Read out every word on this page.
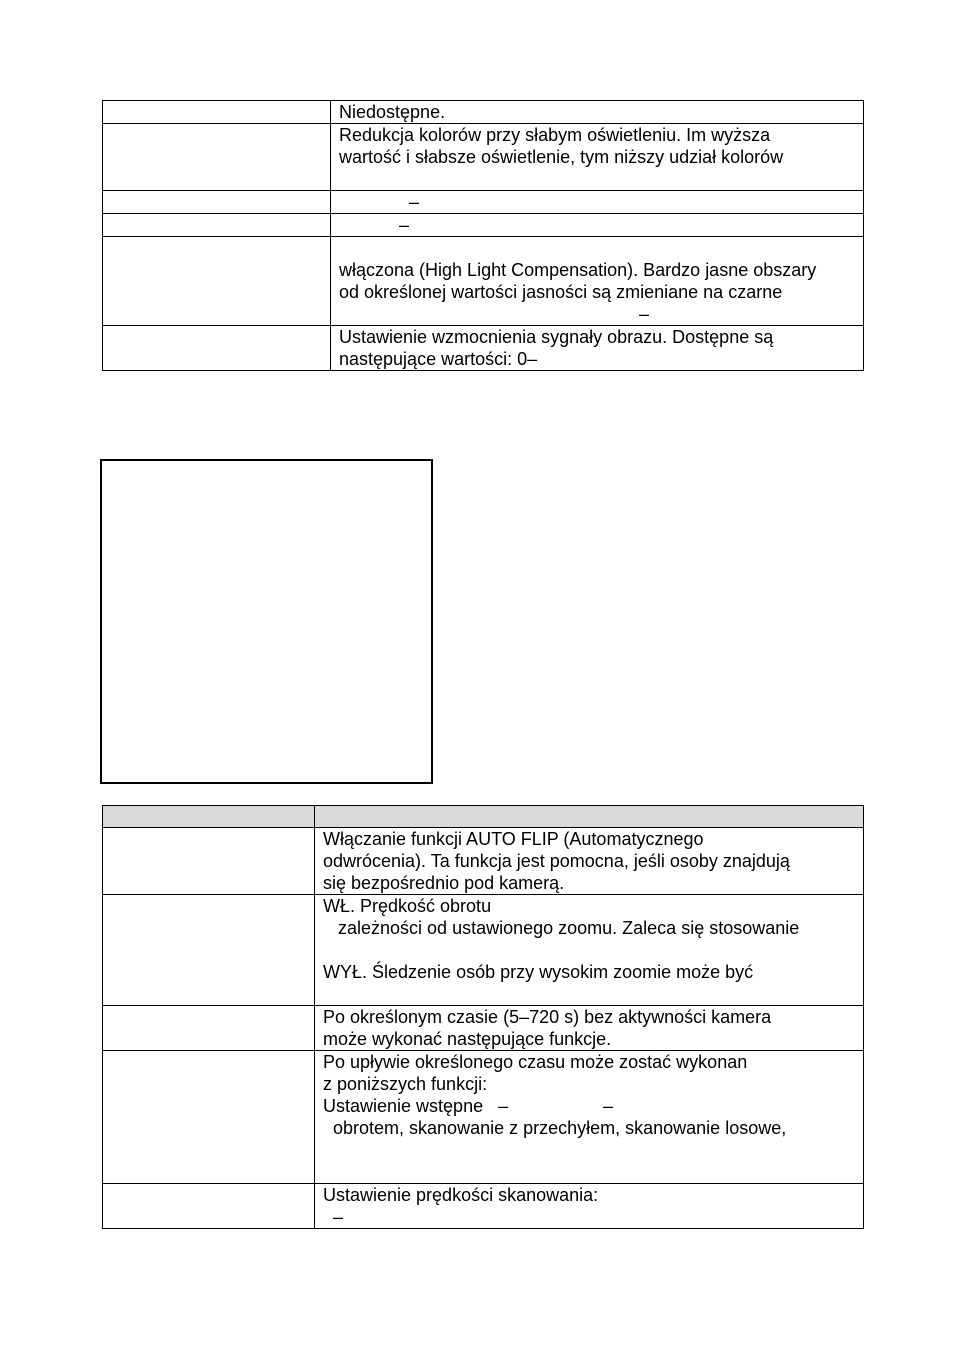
	Niedostępne.

	Redukcja kolorów przy słabym oświetleniu. Im wyższa
wartość i słabsze oświetlenie, tym niższy udział kolorów

	–

	–

	włączona (High Light Compensation). Bardzo jasne obszary
od określonej wartości jasności są zmieniane na czarne
–

	Ustawienie wzmocnienia sygnały obrazu. Dostępne są
następujące wartości: 0–

	Włączanie funkcji AUTO FLIP (Automatycznego
odwrócenia). Ta funkcja jest pomocna, jeśli osoby znajdują
się bezpośrednio pod kamerą.

	WŁ. Prędkość obrotu
zależności od ustawionego zoomu. Zaleca się stosowanie
WYŁ. Śledzenie osób przy wysokim zoomie może być

	Po określonym czasie (5–720 s) bez aktywności kamera
może wykonać następujące funkcje.

	Po upływie określonego czasu może zostać wykonan
z poniższych funkcji:
Ustawienie wstępne   –                   –
obrotem, skanowanie z przechyłem, skanowanie losowe,

	Ustawienie prędkości skanowania:
–
